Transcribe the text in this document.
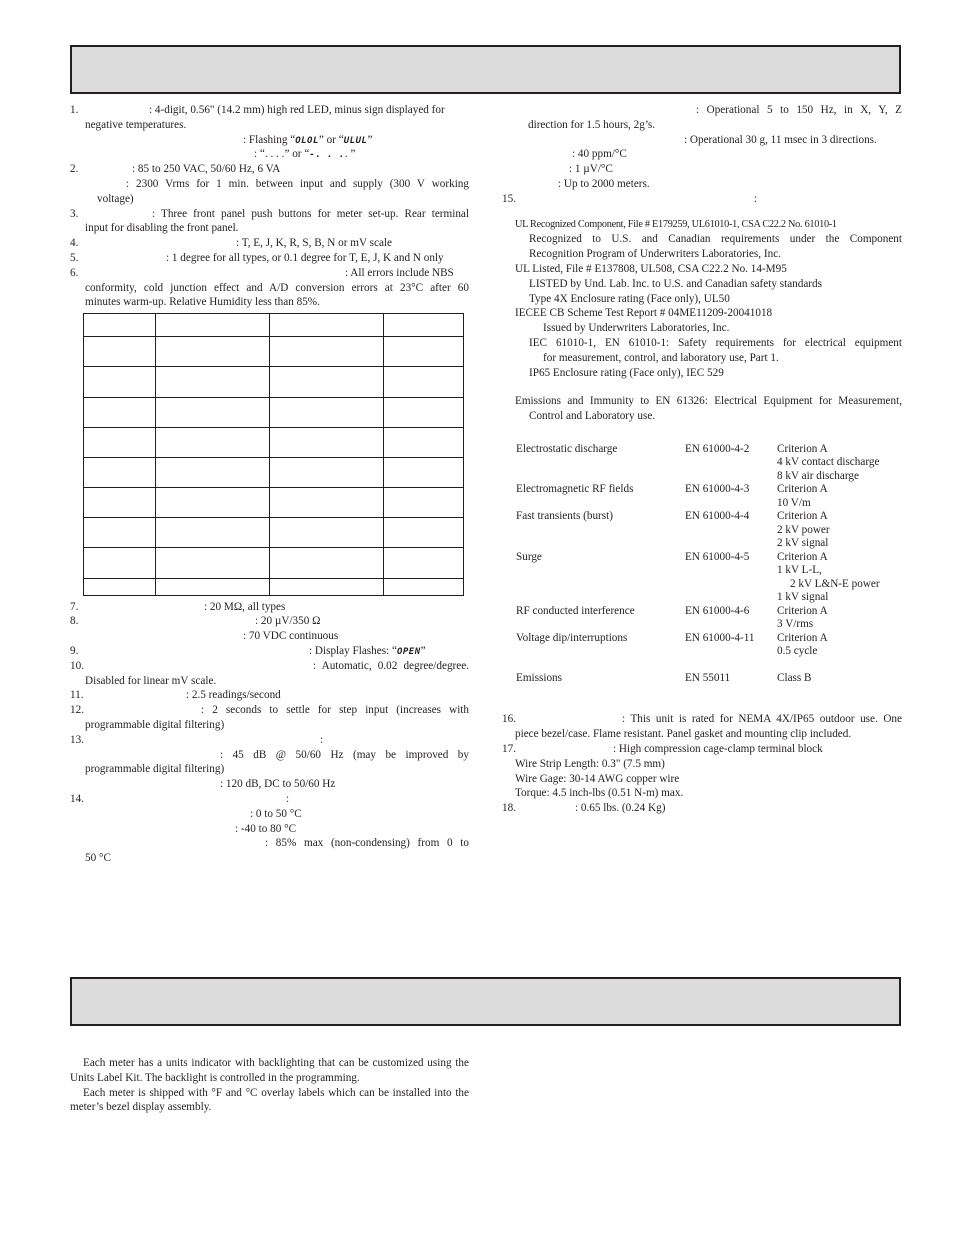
1.	: 4-digit, 0.56" (14.2 mm) high red LED, minus sign displayed for
negative temperatures.
: Flashing “OLOL” or “ULUL”
: “. . . .” or “-. . .. ”
2.	: 85 to 250 VAC, 50/60 Hz, 6 VA
: 2300 Vrms for 1 min. between input and supply (300 V working
voltage)
3.	: Three front panel push buttons for meter set-up. Rear terminal
input for disabling the front panel.
4.	: T, E, J, K, R, S, B, N or mV scale
5.	: 1 degree for all types, or 0.1 degree for T, E, J, K and N only
6.	: All errors include NBS
conformity, cold junction effect and A/D conversion errors at 23°C after 60
minutes warm-up. Relative Humidity less than 85%.

7.	: 20 MΩ, all types
8.	: 20 µV/350 Ω
: 70 VDC continuous
9.	: Display Flashes: “OPEN”
10.	: Automatic, 0.02 degree/degree.
Disabled for linear mV scale.
11.	: 2.5 readings/second
12.	: 2 seconds to settle for step input (increases with
programmable digital filtering)
13.	:
: 45 dB @ 50/60 Hz (may be improved by
programmable digital filtering)
: 120 dB, DC to 50/60 Hz
14.	:
: 0 to 50 °C
: -40 to 80 °C
: 85% max (non-condensing) from 0 to
50 °C
: Operational 5 to 150 Hz, in X, Y, Z
direction for 1.5 hours, 2g’s.
: Operational 30 g, 11 msec in 3 directions.
: 40 ppm/°C
: 1 µV/°C
: Up to 2000 meters.
15.	:
UL Recognized Component, File # E179259, UL61010-1, CSA C22.2 No. 61010-1
Recognized to U.S. and Canadian requirements under the Component
Recognition Program of Underwriters Laboratories, Inc.
UL Listed, File # E137808, UL508, CSA C22.2 No. 14-M95
LISTED by Und. Lab. Inc. to U.S. and Canadian safety standards
Type 4X Enclosure rating (Face only), UL50
IECEE CB Scheme Test Report # 04ME11209-20041018
Issued by Underwriters Laboratories, Inc.
IEC 61010-1, EN 61010-1: Safety requirements for electrical equipment
for measurement, control, and laboratory use, Part 1.
IP65 Enclosure rating (Face only), IEC 529
Emissions and Immunity to EN 61326: Electrical Equipment for Measurement,
Control and Laboratory use.
Electrostatic discharge	EN 61000-4-2 Criterion A
4 kV contact discharge
8 kV air discharge
Electromagnetic RF fields	EN 61000-4-3 Criterion A
10 V/m
Fast transients (burst)	EN 61000-4-4 Criterion A
2 kV power
2 kV signal
Surge	EN 61000-4-5 Criterion A
1 kV L-L,
2 kV L&N-E power
1 kV signal
RF conducted interference	EN 61000-4-6 Criterion A
3 V/rms
Voltage dip/interruptions	EN 61000-4-11 Criterion A
0.5 cycle
Emissions	EN 55011	Class B
16.	: This unit is rated for NEMA 4X/IP65 outdoor use. One
piece bezel/case. Flame resistant. Panel gasket and mounting clip included.
17.	: High compression cage-clamp terminal block
Wire Strip Length: 0.3" (7.5 mm)
Wire Gage: 30-14 AWG copper wire
Torque: 4.5 inch-lbs (0.51 N-m) max.
18.	: 0.65 lbs. (0.24 Kg)

Each meter has a units indicator with backlighting that can be customized using the Units Label Kit. The backlight is controlled in the programming.

Each meter is shipped with °F and °C overlay labels which can be installed into the meter’s bezel display assembly.
